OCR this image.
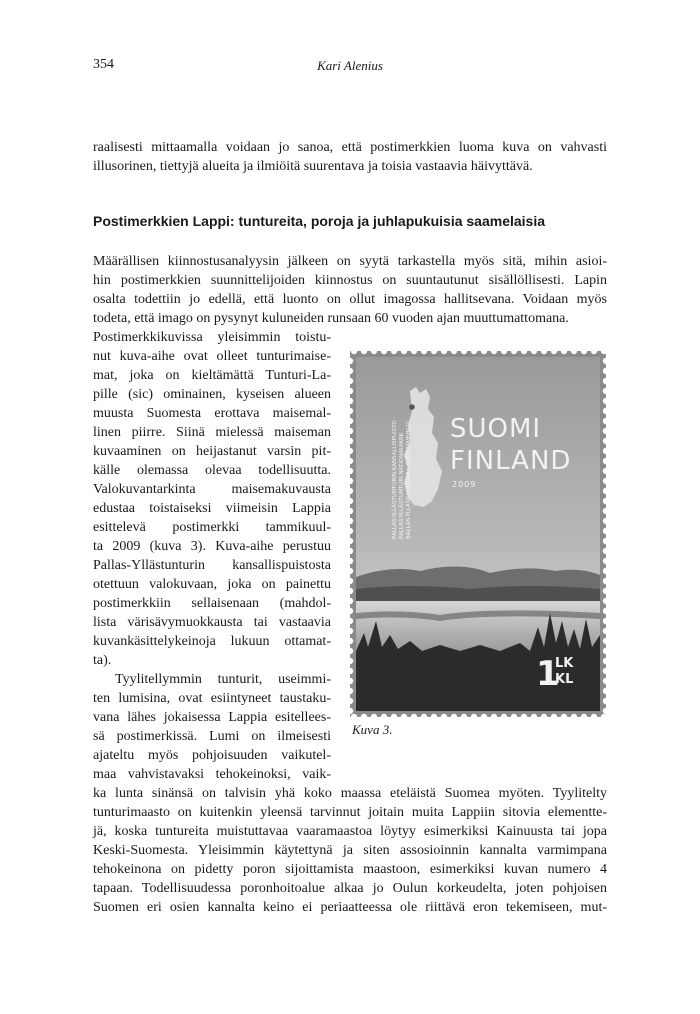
354	Kari Alenius
raalisesti mittaamalla voidaan jo sanoa, että postimerkkien luoma kuva on vahvasti
illusorinen, tiettyjä alueita ja ilmiöitä suurentava ja toisia vastaavia häivyttävä.
Postimerkkien Lappi: tuntureita, poroja ja juhlapukuisia saamelaisia
Määrällisen kiinnostusanalyysin jälkeen on syytä tarkastella myös sitä, mihin asioi-
hin postimerkkien suunnittelijoiden kiinnostus on suuntautunut sisällöllisesti. Lapin
osalta todettiin jo edellä, että luonto on ollut imagossa hallitsevana. Voidaan myös
todeta, että imago on pysynyt kuluneiden runsaan 60 vuoden ajan muuttumattomana.
Postimerkkikuvissa yleisimmin toistu-
nut kuva-aihe ovat olleet tunturimaise-
mat, joka on kieltämättä Tunturi-La-
pille (sic) ominainen, kyseisen alueen
muusta Suomesta erottava maisemal-
linen piirre. Siinä mielessä maiseman
kuvaaminen on heijastanut varsin pit-
källe olemassa olevaa todellisuutta.
Valokuvantarkinta maisemakuvausta
edustaa toistaiseksi viimeisin Lappia
esittelevä postimerkki tammikuul-
ta 2009 (kuva 3). Kuva-aihe perustuu
Pallas-Yllästunturin kansallispuistosta
otettuun valokuvaan, joka on painettu
postimerkkiin sellaisenaan (mahdol-
lista värisävymuokkausta tai vastaavia
kuvankäsittelykeinoja lukuun ottamat-
ta).
Tyylitellymmin tunturit, useimmi-
ten lumisina, ovat esiintyneet taustaku-
vana lähes jokaisessa Lappia esitellees-
sä postimerkissä. Lumi on ilmeisesti
ajateltu myös pohjoisuuden vaikutel-
maa vahvistavaksi tehokeinoksi, vaik-
ka lunta sinänsä on talvisin yhä koko maassa eteläistä Suomea myöten. Tyylitelty
tunturimaasto on kuitenkin yleensä tarvinnut joitain muita Lappiin sitovia elementte-
jä, koska tuntureita muistuttavaa vaaramaastoa löytyy esimerkiksi Kainuusta tai jopa
Keski-Suomesta. Yleisimmin käytettynä ja siten assosioinnin kannalta varmimpana
tehokeinona on pidetty poron sijoittamista maastoon, esimerkiksi kuvan numero 4
tapaan. Todellisuudessa poronhoitoalue alkaa jo Oulun korkeudelta, joten pohjoisen
Suomen eri osien kannalta keino ei periaatteessa ole riittävä eron tekemiseen, mut-
SUOMI
FINLAND
2009
PALLAS-YLLÄSTUNTURIN KANSALLISPUISTO PALLAS-YLLÄSTUNTURI NATIONALPARK BÁLLÁS-YLLÁSDUODDARA ÁLBMOTMEHCCI
1
LK
KL
Kuva 3.
